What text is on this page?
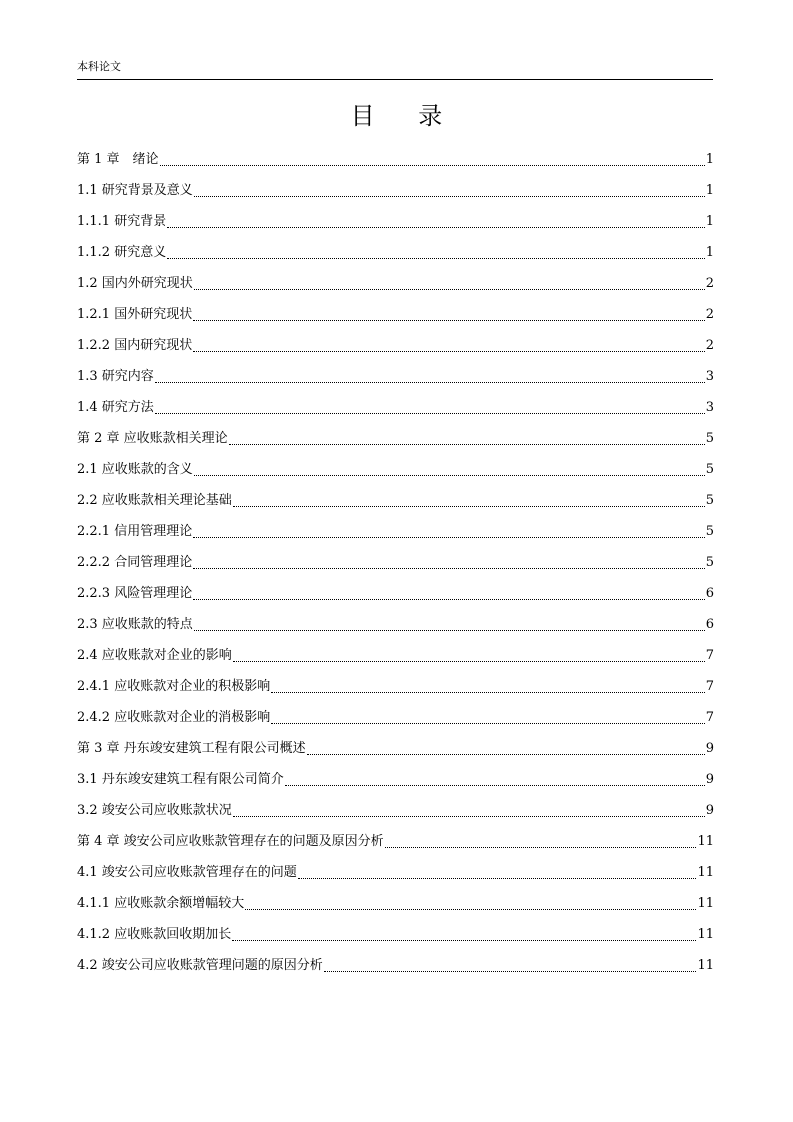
本科论文
目 录
第 1 章　绪论	1
1.1 研究背景及意义	1
1.1.1 研究背景	1
1.1.2 研究意义	1
1.2 国内外研究现状	2
1.2.1 国外研究现状	2
1.2.2 国内研究现状	2
1.3 研究内容	3
1.4 研究方法	3
第 2 章 应收账款相关理论	5
2.1 应收账款的含义	5
2.2 应收账款相关理论基础	5
2.2.1 信用管理理论	5
2.2.2 合同管理理论	5
2.2.3 风险管理理论	6
2.3 应收账款的特点	6
2.4 应收账款对企业的影响	7
2.4.1 应收账款对企业的积极影响	7
2.4.2 应收账款对企业的消极影响	7
第 3 章 丹东竣安建筑工程有限公司概述	9
3.1 丹东竣安建筑工程有限公司简介	9
3.2 竣安公司应收账款状况	9
第 4 章 竣安公司应收账款管理存在的问题及原因分析	11
4.1 竣安公司应收账款管理存在的问题	11
4.1.1 应收账款余额增幅较大	11
4.1.2 应收账款回收期加长	11
4.2 竣安公司应收账款管理问题的原因分析	11
